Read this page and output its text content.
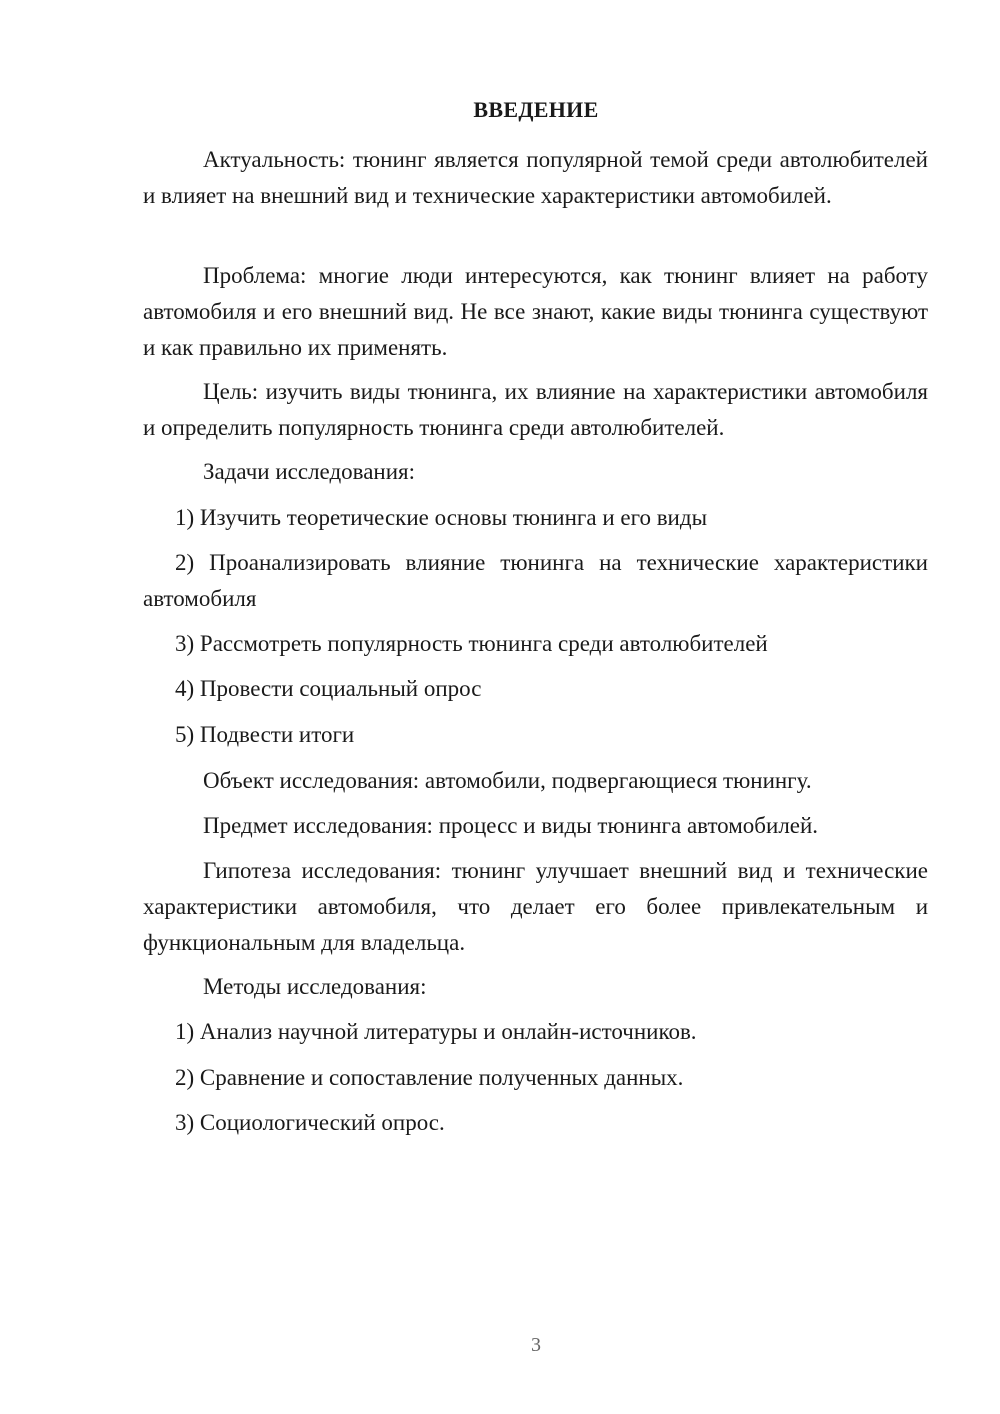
ВВЕДЕНИЕ

Актуальность: тюнинг является популярной темой среди автолюбителей и влияет на внешний вид и технические характеристики автомобилей.

Проблема: многие люди интересуются, как тюнинг влияет на работу автомобиля и его внешний вид. Не все знают, какие виды тюнинга существуют и как правильно их применять.

Цель: изучить виды тюнинга, их влияние на характеристики автомобиля и определить популярность тюнинга среди автолюбителей.

Задачи исследования:

1) Изучить теоретические основы тюнинга и его виды

2) Проанализировать влияние тюнинга на технические характеристики автомобиля

3) Рассмотреть популярность тюнинга среди автолюбителей

4) Провести социальный опрос

5) Подвести итоги

Объект исследования: автомобили, подвергающиеся тюнингу.

Предмет исследования: процесс и виды тюнинга автомобилей.

Гипотеза исследования: тюнинг улучшает внешний вид и технические характеристики автомобиля, что делает его более привлекательным и функциональным для владельца.

Методы исследования:

1) Анализ научной литературы и онлайн-источников.

2) Сравнение и сопоставление полученных данных.

3) Социологический опрос.

3
